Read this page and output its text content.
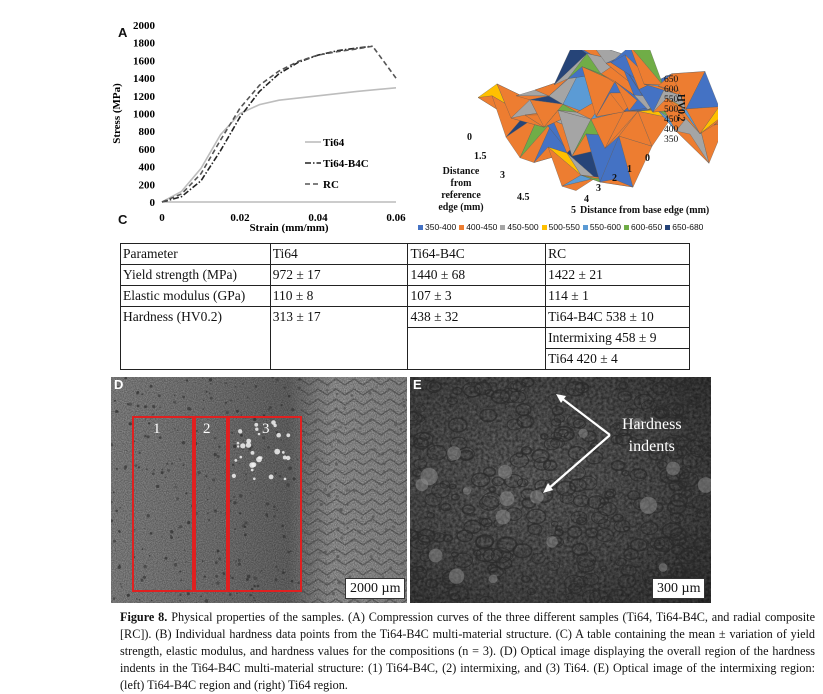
A
0
200
400
600
800
1000
1200
1400
1600
1800
2000
0	0.02	0.04	0.06
Strain (mm/mm)
Stress (MPa)	Ti64
Ti64-B4C
RC
0
1.5
3
4.5
Distance from reference edge (mm)
0
1
2
3
4
5 Distance from base edge (mm)
650
600
550
500
450
400
350
HV0.2
350-400 400-450 450-500 500-550 550-600 600-650 650-680
C
Parameter	Ti64	Ti64-B4C	RC
Yield strength (MPa)	972 ± 17	1440 ± 68	1422 ± 21
Elastic modulus (GPa)	110 ± 8	107 ± 3	114 ± 1
Hardness (HV0.2)	313 ± 17	438 ± 32	Ti64-B4C 538 ± 10
			Intermixing 458 ± 9
			Ti64 420 ± 4
D
1	2	3
2000 µm
E
Hardness
indents
300 µm
Figure 8. Physical properties of the samples. (A) Compression curves of the three different samples (Ti64, Ti64-B4C, and radial composite [RC]). (B) Individual hardness data points from the Ti64-B4C multi-material structure. (C) A table containing the mean ± variation of yield strength, elastic modulus, and hardness values for the compositions (n = 3). (D) Optical image displaying the overall region of the hardness indents in the Ti64-B4C multi-material structure: (1) Ti64-B4C, (2) intermixing, and (3) Ti64. (E) Optical image of the intermixing region: (left) Ti64-B4C region and (right) Ti64 region.
